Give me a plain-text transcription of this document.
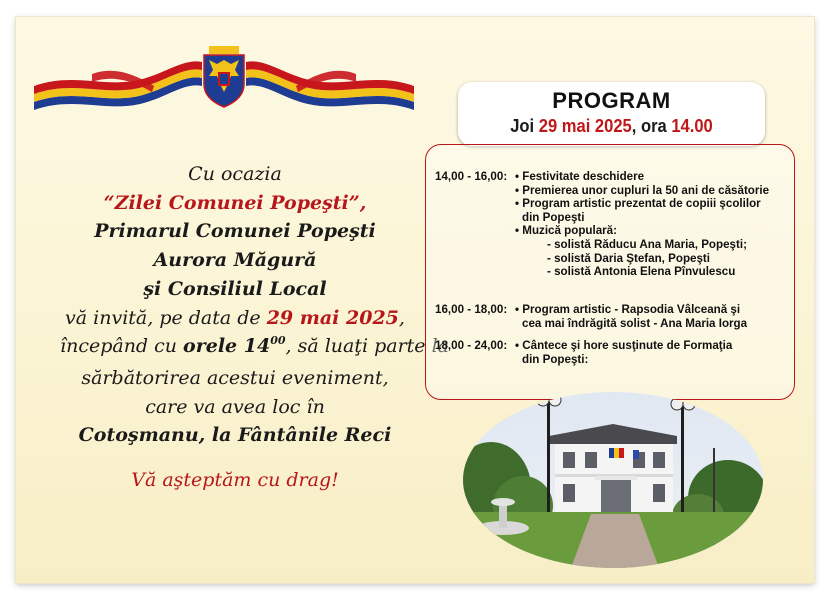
Cu ocazia
“Zilei Comunei Popeşti”,
Primarul Comunei Popeşti
Aurora Măgură
şi Consiliul Local
vă invită, pe data de 29 mai 2025,
începând cu orele $14^{00}$, să luaţi parte la
sărbătorirea acestui eveniment,
care va avea loc în
Cotoşmanu, la Fântânile Reci
Vă aşteptăm cu drag!
PROGRAM
Joi 29 mai 2025, ora 14.00
14,00 - 16,00:	• Festivitate deschidere
• Premierea unor cupluri la 50 ani de căsătorie
• Program artistic prezentat de copiii şcolilor
din Popeşti
• Muzică populară:
- solistă Răducu Ana Maria, Popeşti;
- solistă Daria Ştefan, Popeşti
- solistă Antonia Elena Pînvulescu
16,00 - 18,00:	• Program artistic - Rapsodia Vâlceană şi
cea mai îndrăgită solist - Ana Maria Iorga
18,00 - 24,00:	• Cântece şi hore susţinute de Formaţia
din Popeşti:
